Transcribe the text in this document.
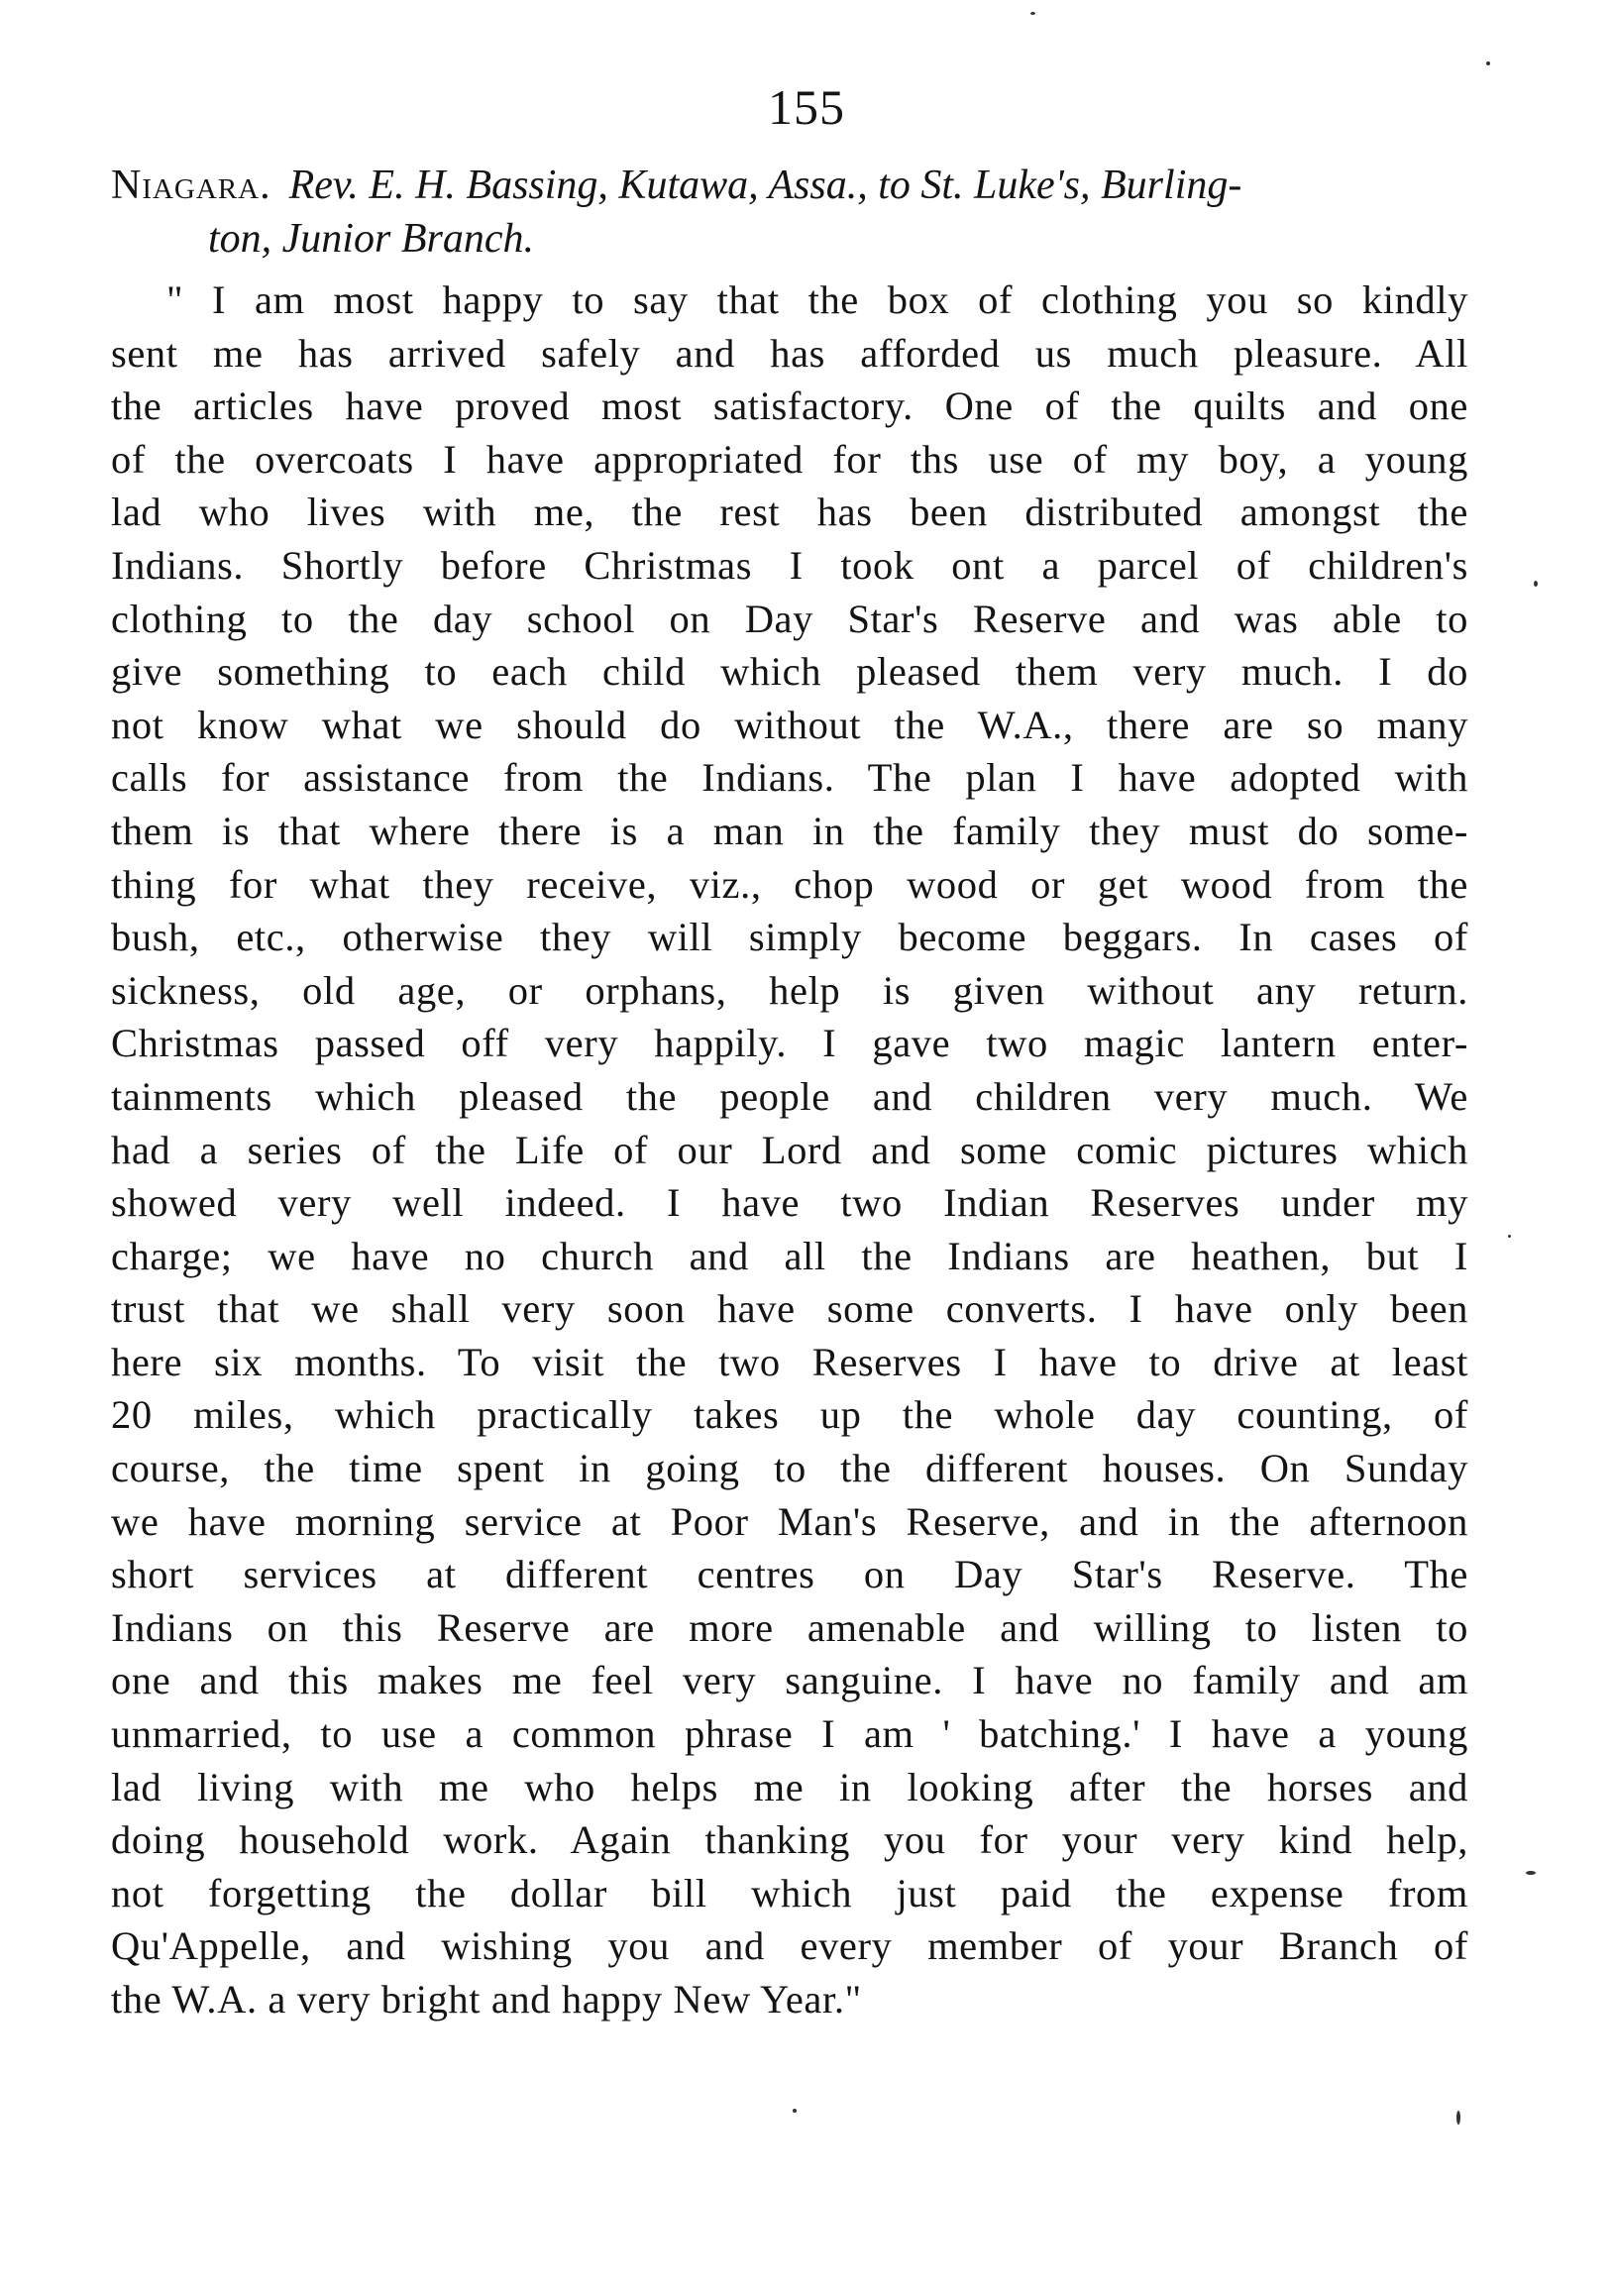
155
Niagara. Rev. E. H. Bassing, Kutawa, Assa., to St. Luke's, Burling-
ton, Junior Branch.
" I am most happy to say that the box of clothing you so kindly
sent me has arrived safely and has afforded us much pleasure. All
the articles have proved most satisfactory. One of the quilts and one
of the overcoats I have appropriated for ths use of my boy, a young
lad who lives with me, the rest has been distributed amongst the
Indians. Shortly before Christmas I took ont a parcel of children's
clothing to the day school on Day Star's Reserve and was able to
give something to each child which pleased them very much. I do
not know what we should do without the W.A., there are so many
calls for assistance from the Indians. The plan I have adopted with
them is that where there is a man in the family they must do some-
thing for what they receive, viz., chop wood or get wood from the
bush, etc., otherwise they will simply become beggars. In cases of
sickness, old age, or orphans, help is given without any return.
Christmas passed off very happily. I gave two magic lantern enter-
tainments which pleased the people and children very much. We
had a series of the Life of our Lord and some comic pictures which
showed very well indeed. I have two Indian Reserves under my
charge; we have no church and all the Indians are heathen, but I
trust that we shall very soon have some converts. I have only been
here six months. To visit the two Reserves I have to drive at least
20 miles, which practically takes up the whole day counting, of
course, the time spent in going to the different houses. On Sunday
we have morning service at Poor Man's Reserve, and in the afternoon
short services at different centres on Day Star's Reserve. The
Indians on this Reserve are more amenable and willing to listen to
one and this makes me feel very sanguine. I have no family and am
unmarried, to use a common phrase I am ' batching.' I have a young
lad living with me who helps me in looking after the horses and
doing household work. Again thanking you for your very kind help,
not forgetting the dollar bill which just paid the expense from
Qu'Appelle, and wishing you and every member of your Branch of
the W.A. a very bright and happy New Year."
